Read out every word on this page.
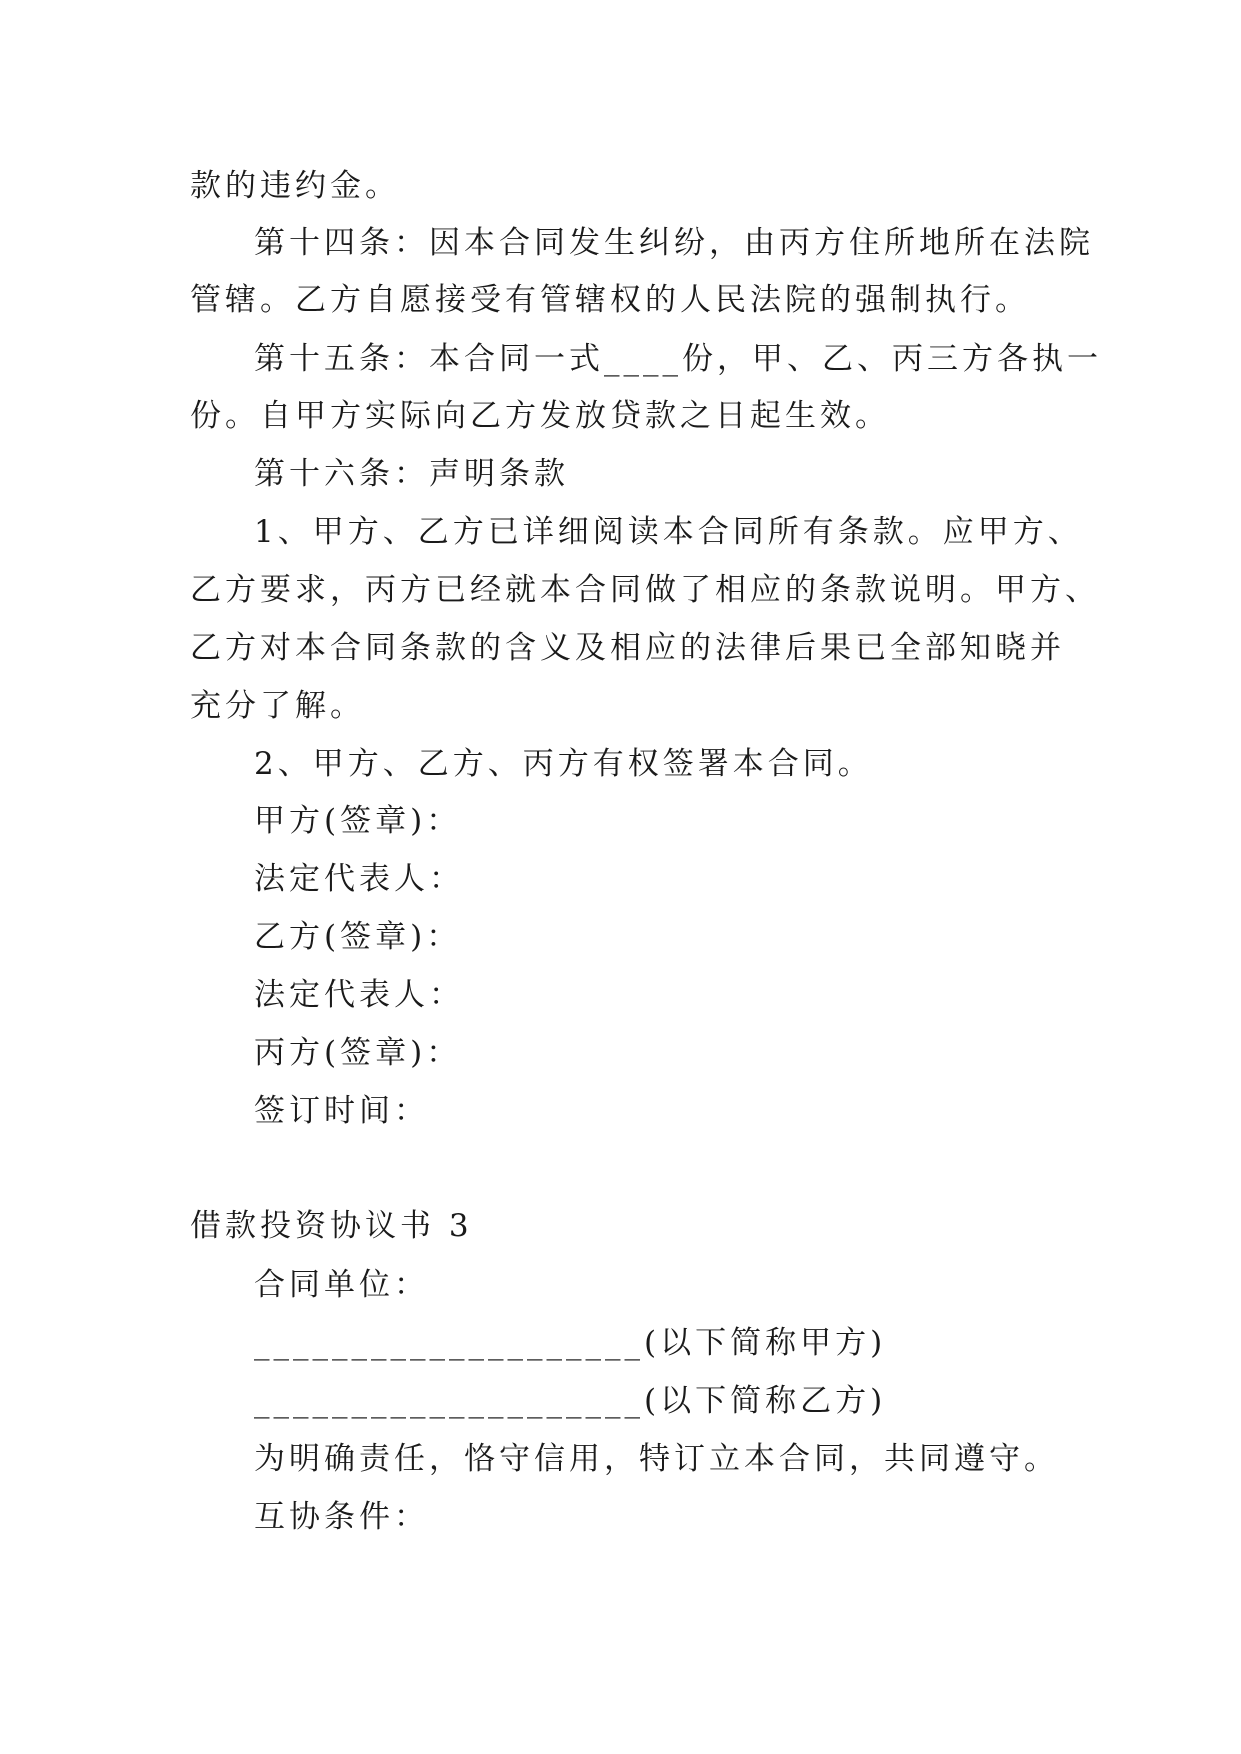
款的违约金。
第十四条：因本合同发生纠纷，由丙方住所地所在法院
管辖。乙方自愿接受有管辖权的人民法院的强制执行。
第十五条：本合同一式____份，甲、乙、丙三方各执一
份。自甲方实际向乙方发放贷款之日起生效。
第十六条：声明条款
1、甲方、乙方已详细阅读本合同所有条款。应甲方、
乙方要求，丙方已经就本合同做了相应的条款说明。甲方、
乙方对本合同条款的含义及相应的法律后果已全部知晓并
充分了解。
2、甲方、乙方、丙方有权签署本合同。
甲方(签章)：
法定代表人：
乙方(签章)：
法定代表人：
丙方(签章)：
签订时间：
借款投资协议书 3
合同单位：
____________________(以下简称甲方)
____________________(以下简称乙方)
为明确责任，恪守信用，特订立本合同，共同遵守。
互协条件：
